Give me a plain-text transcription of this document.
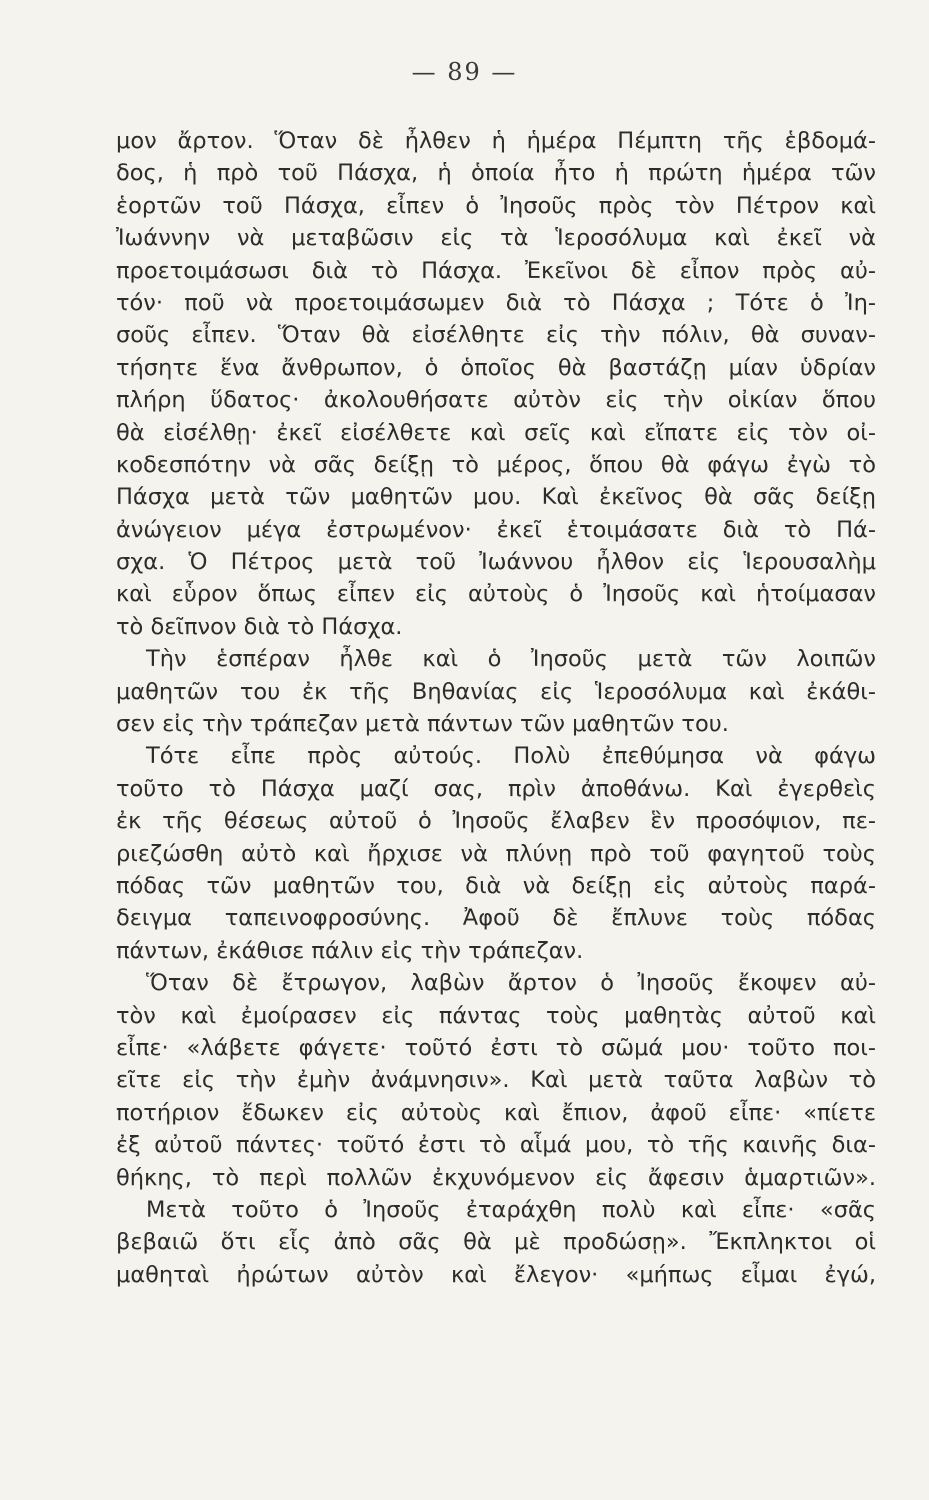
— 89 —
μον ἄρτον. Ὅταν δὲ ἦλθεν ἡ ἡμέρα Πέμπτη τῆς ἑβδομά-
δος, ἡ πρὸ τοῦ Πάσχα, ἡ ὁποία ἦτο ἡ πρώτη ἡμέρα τῶν
ἑορτῶν τοῦ Πάσχα, εἶπεν ὁ Ἰησοῦς πρὸς τὸν Πέτρον καὶ
Ἰωάννην νὰ μεταβῶσιν εἰς τὰ Ἱεροσόλυμα καὶ ἐκεῖ νὰ
προετοιμάσωσι διὰ τὸ Πάσχα. Ἐκεῖνοι δὲ εἶπον πρὸς αὐ-
τόν· ποῦ νὰ προετοιμάσωμεν διὰ τὸ Πάσχα ; Τότε ὁ Ἰη-
σοῦς εἶπεν. Ὅταν θὰ εἰσέλθητε εἰς τὴν πόλιν, θὰ συναν-
τήσητε ἕνα ἄνθρωπον, ὁ ὁποῖος θὰ βαστάζῃ μίαν ὑδρίαν
πλήρη ὕδατος· ἀκολουθήσατε αὐτὸν εἰς τὴν οἰκίαν ὅπου
θὰ εἰσέλθῃ· ἐκεῖ εἰσέλθετε καὶ σεῖς καὶ εἴπατε εἰς τὸν οἰ-
κοδεσπότην νὰ σᾶς δείξῃ τὸ μέρος, ὅπου θὰ φάγω ἐγὼ τὸ
Πάσχα μετὰ τῶν μαθητῶν μου. Καὶ ἐκεῖνος θὰ σᾶς δείξῃ
ἀνώγειον μέγα ἐστρωμένον· ἐκεῖ ἑτοιμάσατε διὰ τὸ Πά-
σχα. Ὁ Πέτρος μετὰ τοῦ Ἰωάννου ἦλθον εἰς Ἱερουσαλὴμ
καὶ εὗρον ὅπως εἶπεν εἰς αὐτοὺς ὁ Ἰησοῦς καὶ ἡτοίμασαν
τὸ δεῖπνον διὰ τὸ Πάσχα.
Τὴν ἑσπέραν ἦλθε καὶ ὁ Ἰησοῦς μετὰ τῶν λοιπῶν
μαθητῶν του ἐκ τῆς Βηθανίας εἰς Ἱεροσόλυμα καὶ ἐκάθι-
σεν εἰς τὴν τράπεζαν μετὰ πάντων τῶν μαθητῶν του.
Τότε εἶπε πρὸς αὐτούς. Πολὺ ἐπεθύμησα νὰ φάγω
τοῦτο τὸ Πάσχα μαζί σας, πρὶν ἀποθάνω. Καὶ ἐγερθεὶς
ἐκ τῆς θέσεως αὐτοῦ ὁ Ἰησοῦς ἔλαβεν ἓν προσόψιον, πε-
ριεζώσθη αὐτὸ καὶ ἤρχισε νὰ πλύνῃ πρὸ τοῦ φαγητοῦ τοὺς
πόδας τῶν μαθητῶν του, διὰ νὰ δείξῃ εἰς αὐτοὺς παρά-
δειγμα ταπεινοφροσύνης. Ἀφοῦ δὲ ἔπλυνε τοὺς πόδας
πάντων, ἐκάθισε πάλιν εἰς τὴν τράπεζαν.
Ὅταν δὲ ἔτρωγον, λαβὼν ἄρτον ὁ Ἰησοῦς ἔκοψεν αὐ-
τὸν καὶ ἐμοίρασεν εἰς πάντας τοὺς μαθητὰς αὐτοῦ καὶ
εἶπε· «λάβετε φάγετε· τοῦτό ἐστι τὸ σῶμά μου· τοῦτο ποι-
εῖτε εἰς τὴν ἐμὴν ἀνάμνησιν». Καὶ μετὰ ταῦτα λαβὼν τὸ
ποτήριον ἔδωκεν εἰς αὐτοὺς καὶ ἔπιον, ἀφοῦ εἶπε· «πίετε
ἐξ αὐτοῦ πάντες· τοῦτό ἐστι τὸ αἷμά μου, τὸ τῆς καινῆς δια-
θήκης, τὸ περὶ πολλῶν ἐκχυνόμενον εἰς ἄφεσιν ἁμαρτιῶν».
Μετὰ τοῦτο ὁ Ἰησοῦς ἐταράχθη πολὺ καὶ εἶπε· «σᾶς
βεβαιῶ ὅτι εἷς ἀπὸ σᾶς θὰ μὲ προδώσῃ». Ἔκπληκτοι οἱ
μαθηταὶ ἠρώτων αὐτὸν καὶ ἔλεγον· «μήπως εἶμαι ἐγώ,
